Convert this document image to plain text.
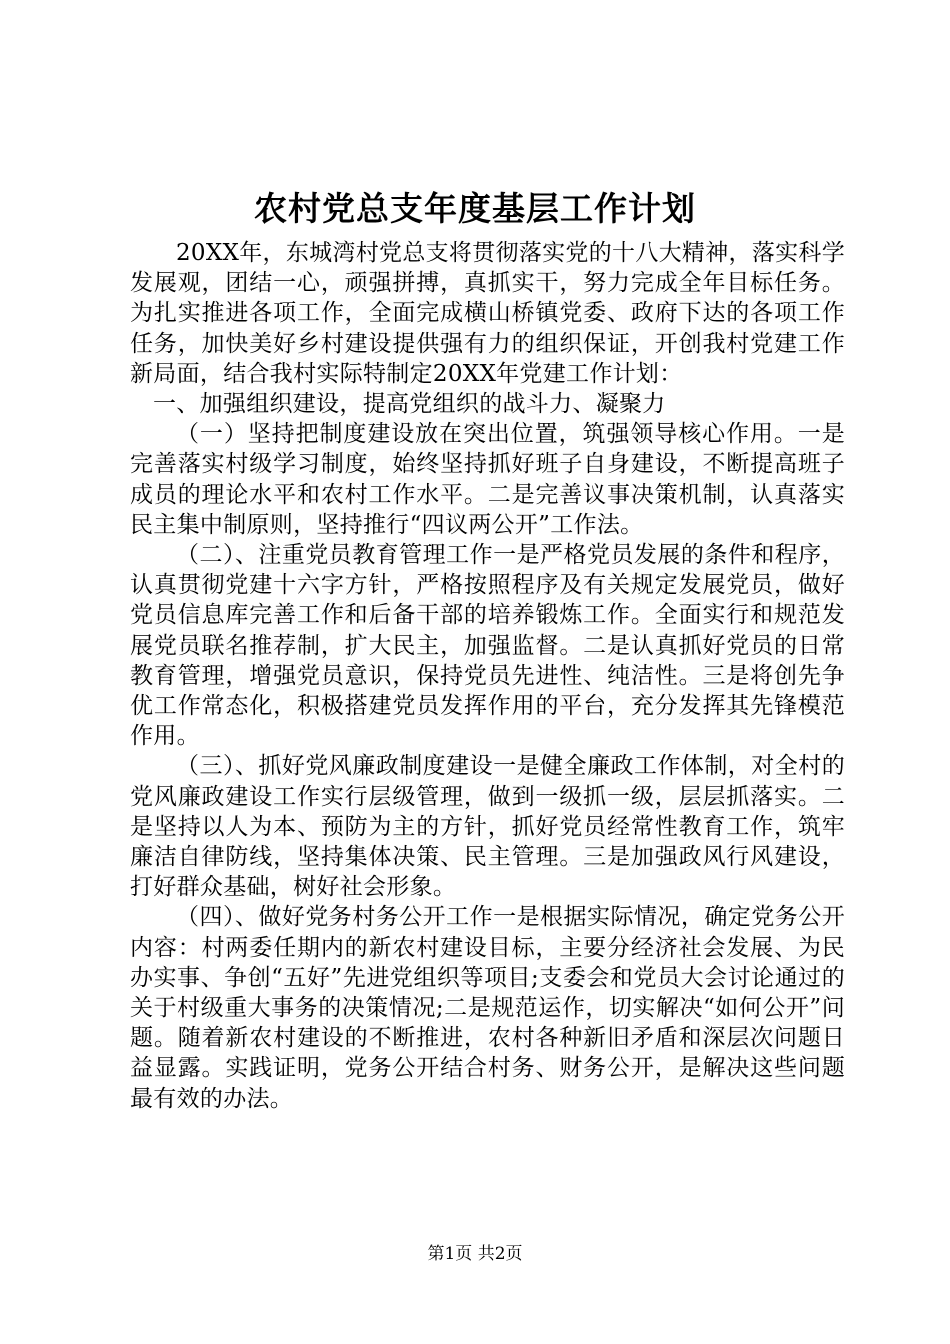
农村党总支年度基层工作计划

20XX年，东城湾村党总支将贯彻落实党的十八大精神，落实科学发展观，团结一心，顽强拼搏，真抓实干，努力完成全年目标任务。为扎实推进各项工作，全面完成横山桥镇党委、政府下达的各项工作任务，加快美好乡村建设提供强有力的组织保证，开创我村党建工作新局面，结合我村实际特制定20XX年党建工作计划：

一、加强组织建设，提高党组织的战斗力、凝聚力

（一）坚持把制度建设放在突出位置，筑强领导核心作用。一是完善落实村级学习制度，始终坚持抓好班子自身建设，不断提高班子成员的理论水平和农村工作水平。二是完善议事决策机制，认真落实民主集中制原则，坚持推行“四议两公开”工作法。

（二）、注重党员教育管理工作一是严格党员发展的条件和程序，认真贯彻党建十六字方针，严格按照程序及有关规定发展党员，做好党员信息库完善工作和后备干部的培养锻炼工作。全面实行和规范发展党员联名推荐制，扩大民主，加强监督。二是认真抓好党员的日常教育管理，增强党员意识，保持党员先进性、纯洁性。三是将创先争优工作常态化，积极搭建党员发挥作用的平台，充分发挥其先锋模范作用。

（三）、抓好党风廉政制度建设一是健全廉政工作体制，对全村的党风廉政建设工作实行层级管理，做到一级抓一级，层层抓落实。二是坚持以人为本、预防为主的方针，抓好党员经常性教育工作，筑牢廉洁自律防线，坚持集体决策、民主管理。三是加强政风行风建设，打好群众基础，树好社会形象。

（四）、做好党务村务公开工作一是根据实际情况，确定党务公开内容：村两委任期内的新农村建设目标，主要分经济社会发展、为民办实事、争创“五好”先进党组织等项目;支委会和党员大会讨论通过的关于村级重大事务的决策情况;二是规范运作，切实解决“如何公开”问题。随着新农村建设的不断推进，农村各种新旧矛盾和深层次问题日益显露。实践证明，党务公开结合村务、财务公开，是解决这些问题最有效的办法。

第1页 共2页
